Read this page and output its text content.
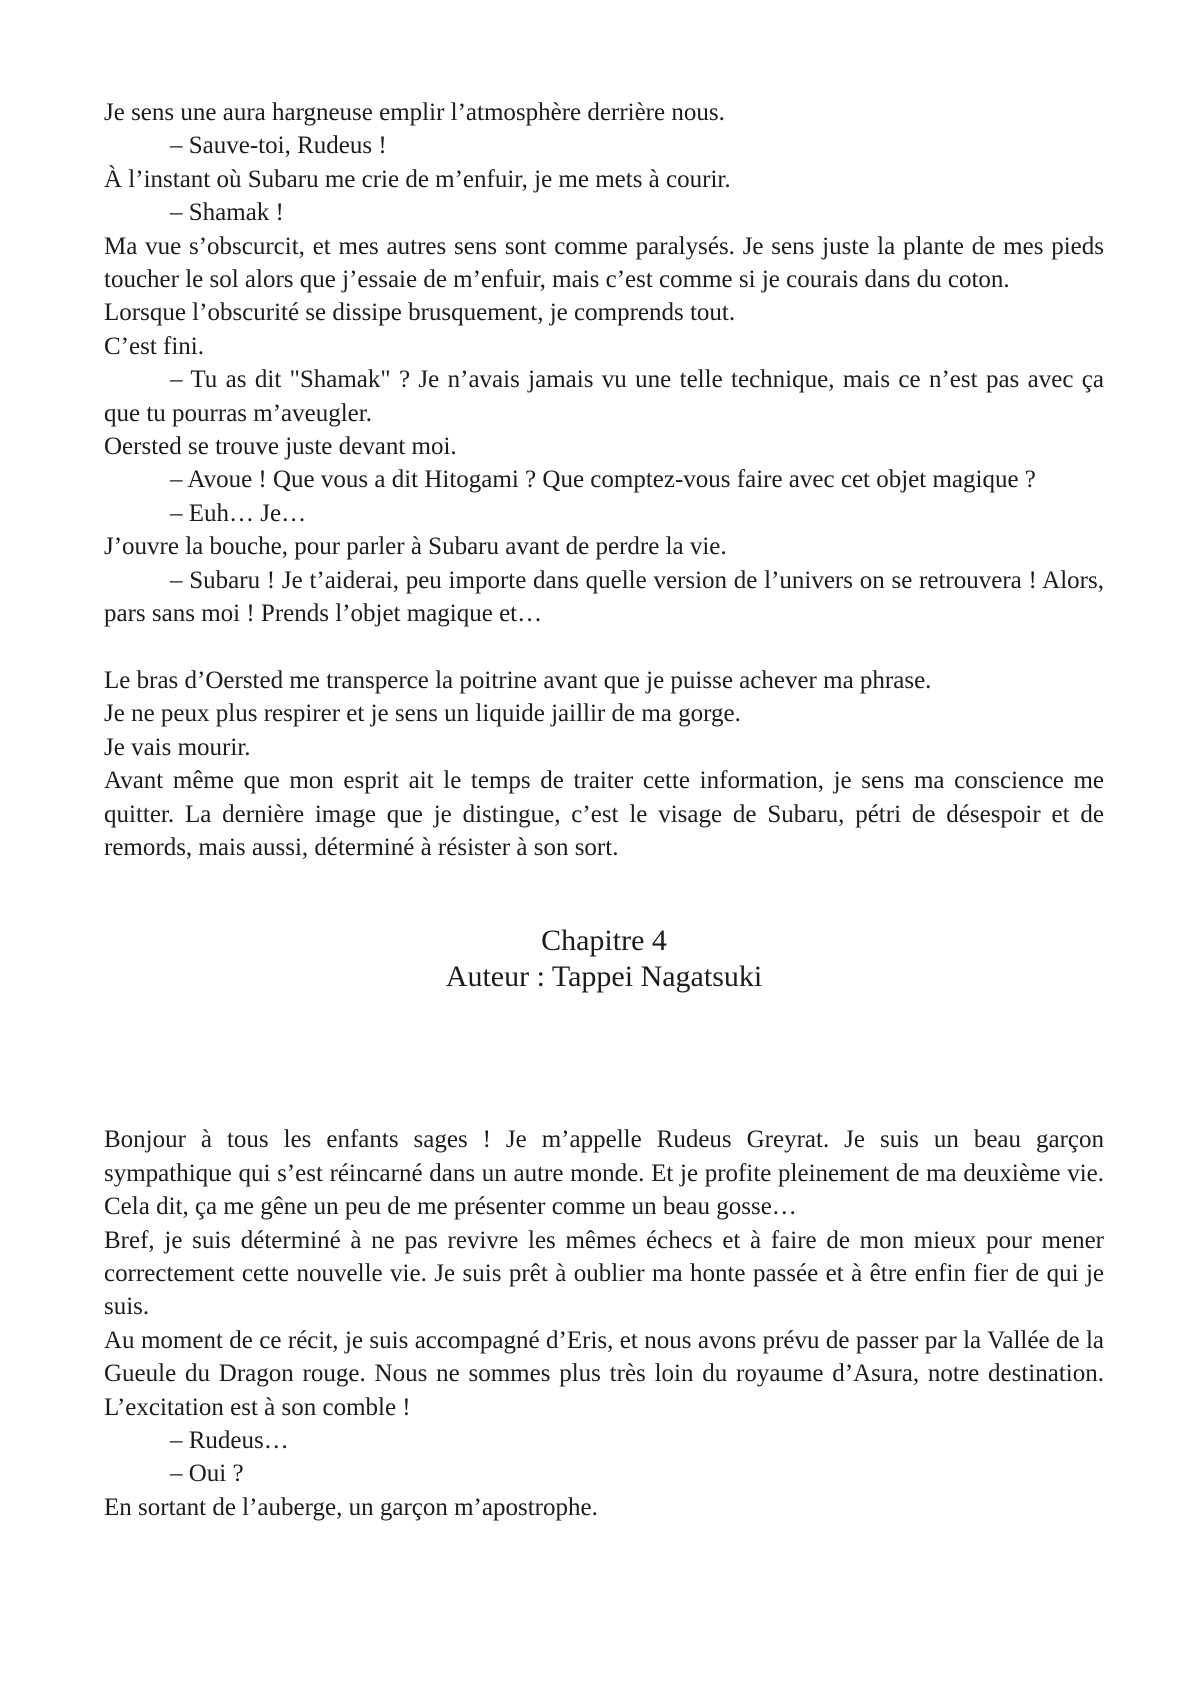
Je sens une aura hargneuse emplir l’atmosphère derrière nous.

– Sauve-toi, Rudeus !

À l’instant où Subaru me crie de m’enfuir, je me mets à courir.

– Shamak !

Ma vue s’obscurcit, et mes autres sens sont comme paralysés. Je sens juste la plante de mes pieds toucher le sol alors que j’essaie de m’enfuir, mais c’est comme si je courais dans du coton.

Lorsque l’obscurité se dissipe brusquement, je comprends tout.

C’est fini.

– Tu as dit "Shamak" ? Je n’avais jamais vu une telle technique, mais ce n’est pas avec ça que tu pourras m’aveugler.

Oersted se trouve juste devant moi.

– Avoue ! Que vous a dit Hitogami ? Que comptez-vous faire avec cet objet magique ?

– Euh… Je…

J’ouvre la bouche, pour parler à Subaru avant de perdre la vie.

– Subaru ! Je t’aiderai, peu importe dans quelle version de l’univers on se retrouvera ! Alors, pars sans moi ! Prends l’objet magique et…

Le bras d’Oersted me transperce la poitrine avant que je puisse achever ma phrase.

Je ne peux plus respirer et je sens un liquide jaillir de ma gorge.

Je vais mourir.

Avant même que mon esprit ait le temps de traiter cette information, je sens ma conscience me quitter. La dernière image que je distingue, c’est le visage de Subaru, pétri de désespoir et de remords, mais aussi, déterminé à résister à son sort.

Chapitre 4
Auteur : Tappei Nagatsuki

Bonjour à tous les enfants sages ! Je m’appelle Rudeus Greyrat. Je suis un beau garçon sympathique qui s’est réincarné dans un autre monde. Et je profite pleinement de ma deuxième vie. Cela dit, ça me gêne un peu de me présenter comme un beau gosse…

Bref, je suis déterminé à ne pas revivre les mêmes échecs et à faire de mon mieux pour mener correctement cette nouvelle vie. Je suis prêt à oublier ma honte passée et à être enfin fier de qui je suis.

Au moment de ce récit, je suis accompagné d’Eris, et nous avons prévu de passer par la Vallée de la Gueule du Dragon rouge. Nous ne sommes plus très loin du royaume d’Asura, notre destination. L’excitation est à son comble !

– Rudeus…

– Oui ?

En sortant de l’auberge, un garçon m’apostrophe.
